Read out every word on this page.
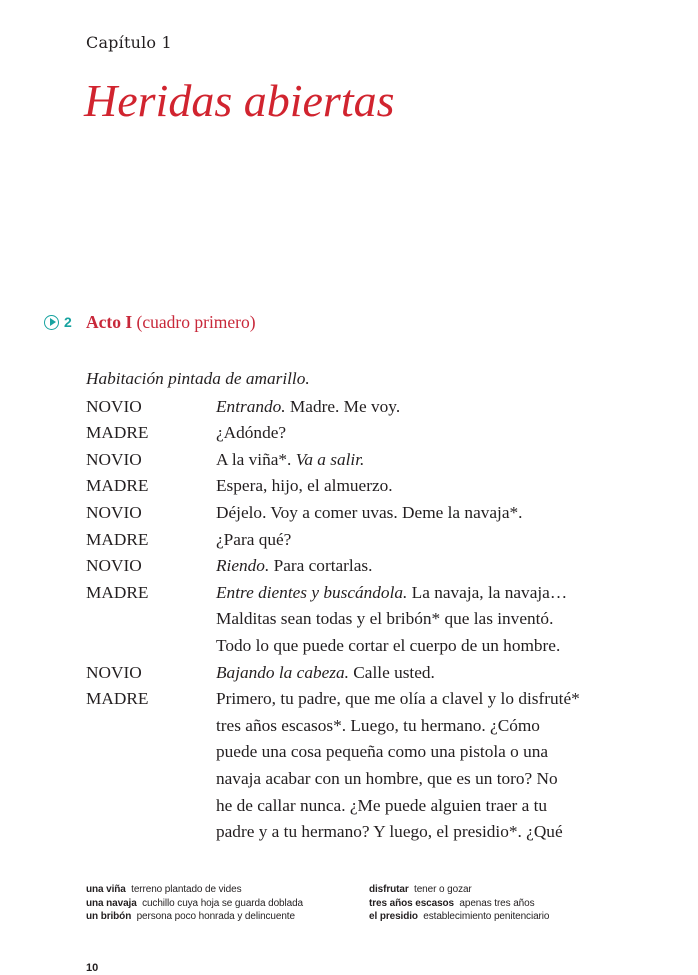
Capítulo 1
Heridas abiertas
2 Acto I (cuadro primero)
Habitación pintada de amarillo.
NOVIO	Entrando. Madre. Me voy.
MADRE	¿Adónde?
NOVIO	A la viña*. Va a salir.
MADRE	Espera, hijo, el almuerzo.
NOVIO	Déjelo. Voy a comer uvas. Deme la navaja*.
MADRE	¿Para qué?
NOVIO	Riendo. Para cortarlas.
MADRE	Entre dientes y buscándola. La navaja, la navaja…
Malditas sean todas y el bribón* que las inventó.
Todo lo que puede cortar el cuerpo de un hombre.
NOVIO	Bajando la cabeza. Calle usted.
MADRE	Primero, tu padre, que me olía a clavel y lo disfruté*
tres años escasos*. Luego, tu hermano. ¿Cómo
puede una cosa pequeña como una pistola o una
navaja acabar con un hombre, que es un toro? No
he de callar nunca. ¿Me puede alguien traer a tu
padre y a tu hermano? Y luego, el presidio*. ¿Qué
una viña terreno plantado de vides
una navaja cuchillo cuya hoja se guarda doblada
un bribón persona poco honrada y delincuente
disfrutar tener o gozar
tres años escasos apenas tres años
el presidio establecimiento penitenciario
10
